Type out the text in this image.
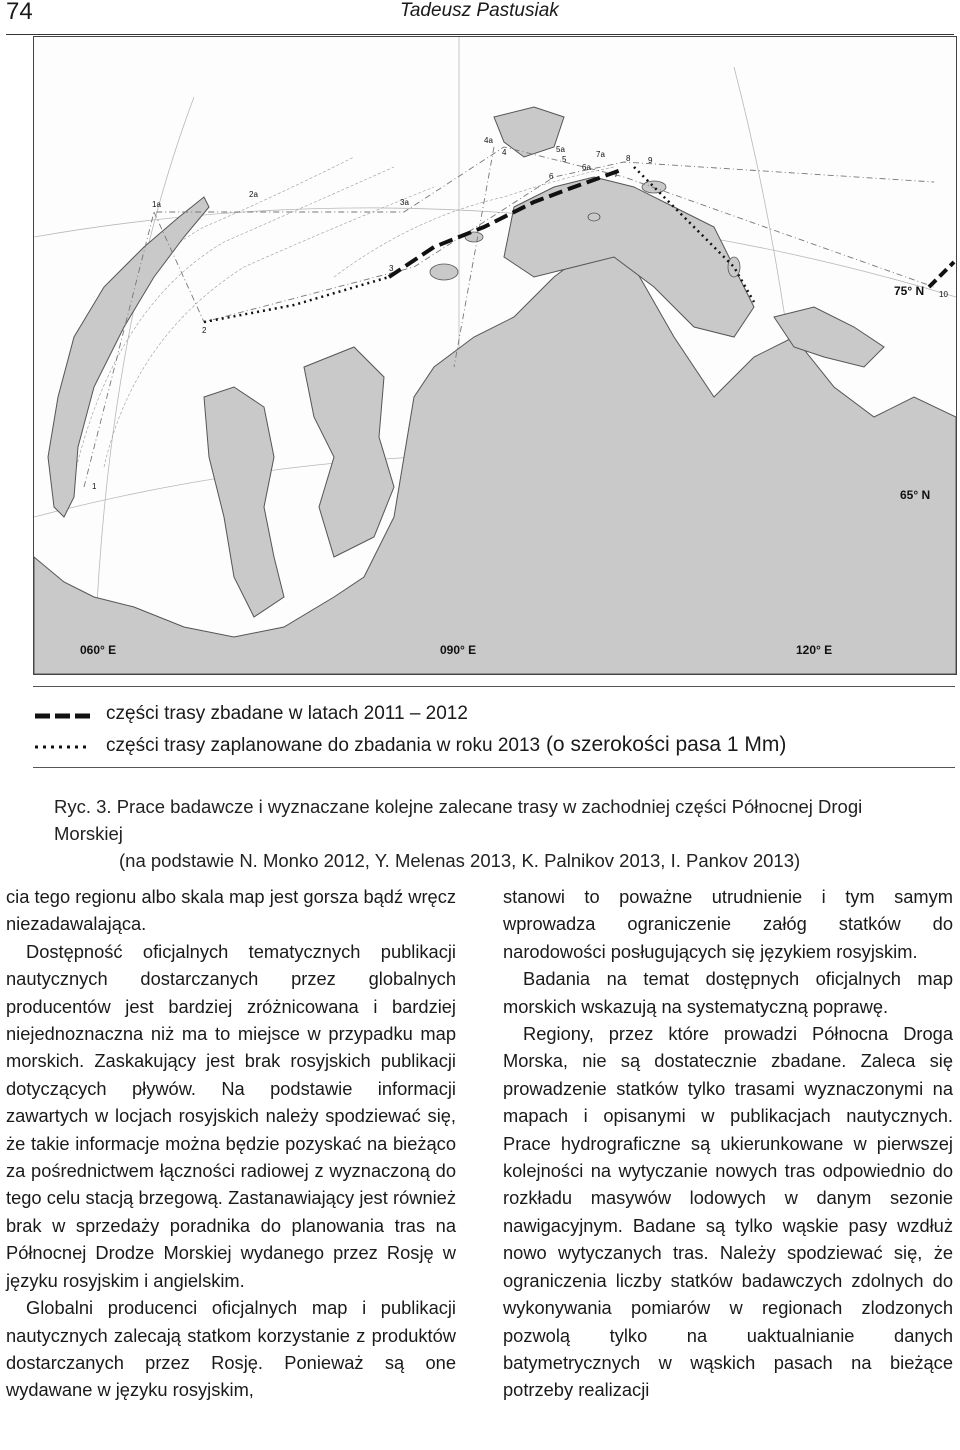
74	Tadeusz Pastusiak
1
1a
2
2a
3
3a
4
4a
5
5a
6
6a
7
7a	8 9
75° N 10
65° N
060° E	090° E	120° E
części trasy zbadane w latach 2011 – 2012
części trasy zaplanowane do zbadania w roku 2013 (o szerokości pasa 1 Mm)
Ryc. 3. Prace badawcze i wyznaczane kolejne zalecane trasy w zachodniej części Północnej Drogi Morskiej
(na podstawie N. Monko 2012, Y. Melenas 2013, K. Palnikov 2013, I. Pankov 2013)

cia tego regionu albo skala map jest gorsza bądź wręcz niezadawalająca.

Dostępność oficjalnych tematycznych publikacji nautycznych dostarczanych przez globalnych producentów jest bardziej zróżnicowana i bardziej niejednoznaczna niż ma to miejsce w przypadku map morskich. Zaskakujący jest brak rosyjskich publikacji dotyczących pływów. Na podstawie informacji zawartych w locjach rosyjskich należy spodziewać się, że takie informacje można będzie pozyskać na bieżąco za pośrednictwem łączności radiowej z wyznaczoną do tego celu stacją brzegową. Zastanawiający jest również brak w sprzedaży poradnika do planowania tras na Północnej Drodze Morskiej wydanego przez Rosję w języku rosyjskim i angielskim.

Globalni producenci oficjalnych map i publikacji nautycznych zalecają statkom korzystanie z produktów dostarczanych przez Rosję. Ponieważ są one wydawane w języku rosyjskim,

stanowi to poważne utrudnienie i tym samym wprowadza ograniczenie załóg statków do narodowości posługujących się językiem rosyjskim.

Badania na temat dostępnych oficjalnych map morskich wskazują na systematyczną poprawę.

Regiony, przez które prowadzi Północna Droga Morska, nie są dostatecznie zbadane. Zaleca się prowadzenie statków tylko trasami wyznaczonymi na mapach i opisanymi w publikacjach nautycznych. Prace hydrograficzne są ukierunkowane w pierwszej kolejności na wytyczanie nowych tras odpowiednio do rozkładu masywów lodowych w danym sezonie nawigacyjnym. Badane są tylko wąskie pasy wzdłuż nowo wytyczanych tras. Należy spodziewać się, że ograniczenia liczby statków badawczych zdolnych do wykonywania pomiarów w regionach zlodzonych pozwolą tylko na uaktualnianie danych batymetrycznych w wąskich pasach na bieżące potrzeby realizacji
